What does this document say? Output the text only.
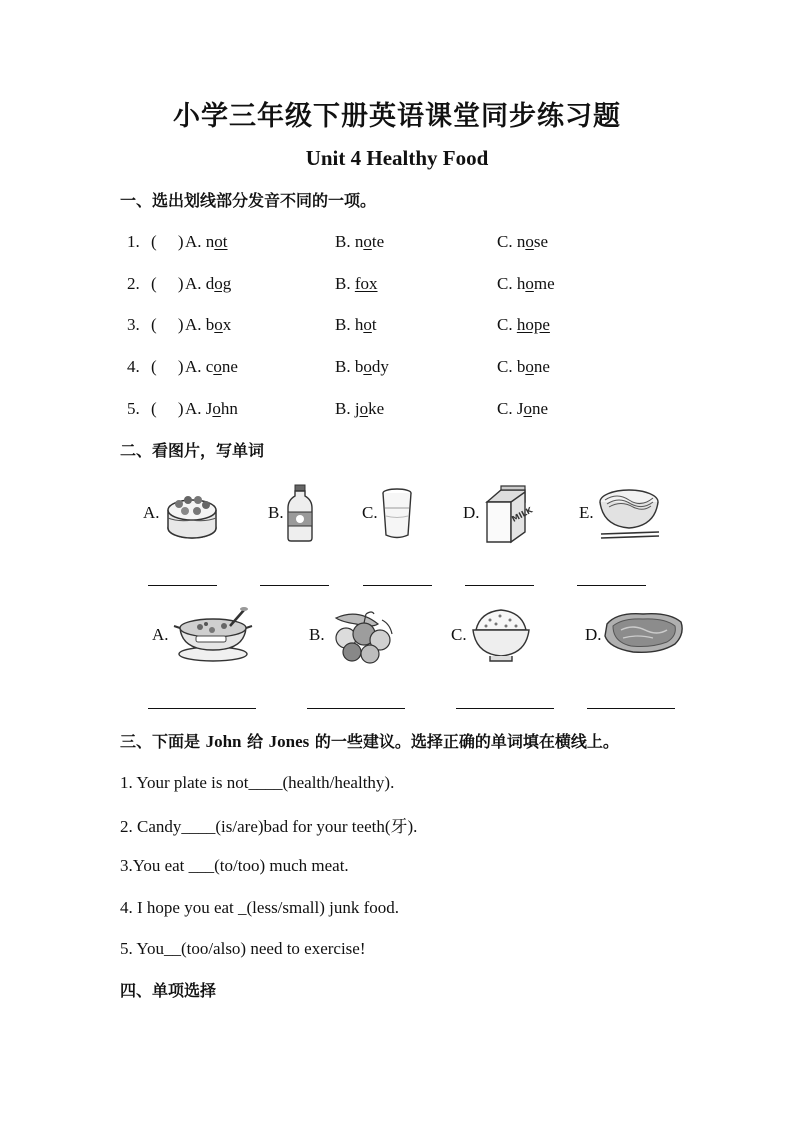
小学三年级下册英语课堂同步练习题
Unit 4 Healthy Food
一、选出划线部分发音不同的一项。
1. (     ) A. not	B. note	C. nose
2. (     ) A. dog	B. fox	C. home
3. (     ) A. box	B. hot	C. hope
4. (     ) A. cone	B. body	C. bone
5. (     ) A. John	B. joke	C. Jone
二、看图片，写单词
A.	B.	C.	D.	MILK	E.
A.	B.	C.	D.
三、下面是 John 给 Jones 的一些建议。选择正确的单词填在横线上。
1. Your plate is not____(health/healthy).
2. Candy____(is/are)bad for your teeth(牙).
3.You eat ___(to/too) much meat.
4. I hope you eat _(less/small) junk food.
5. You__(too/also) need to exercise!
四、单项选择
